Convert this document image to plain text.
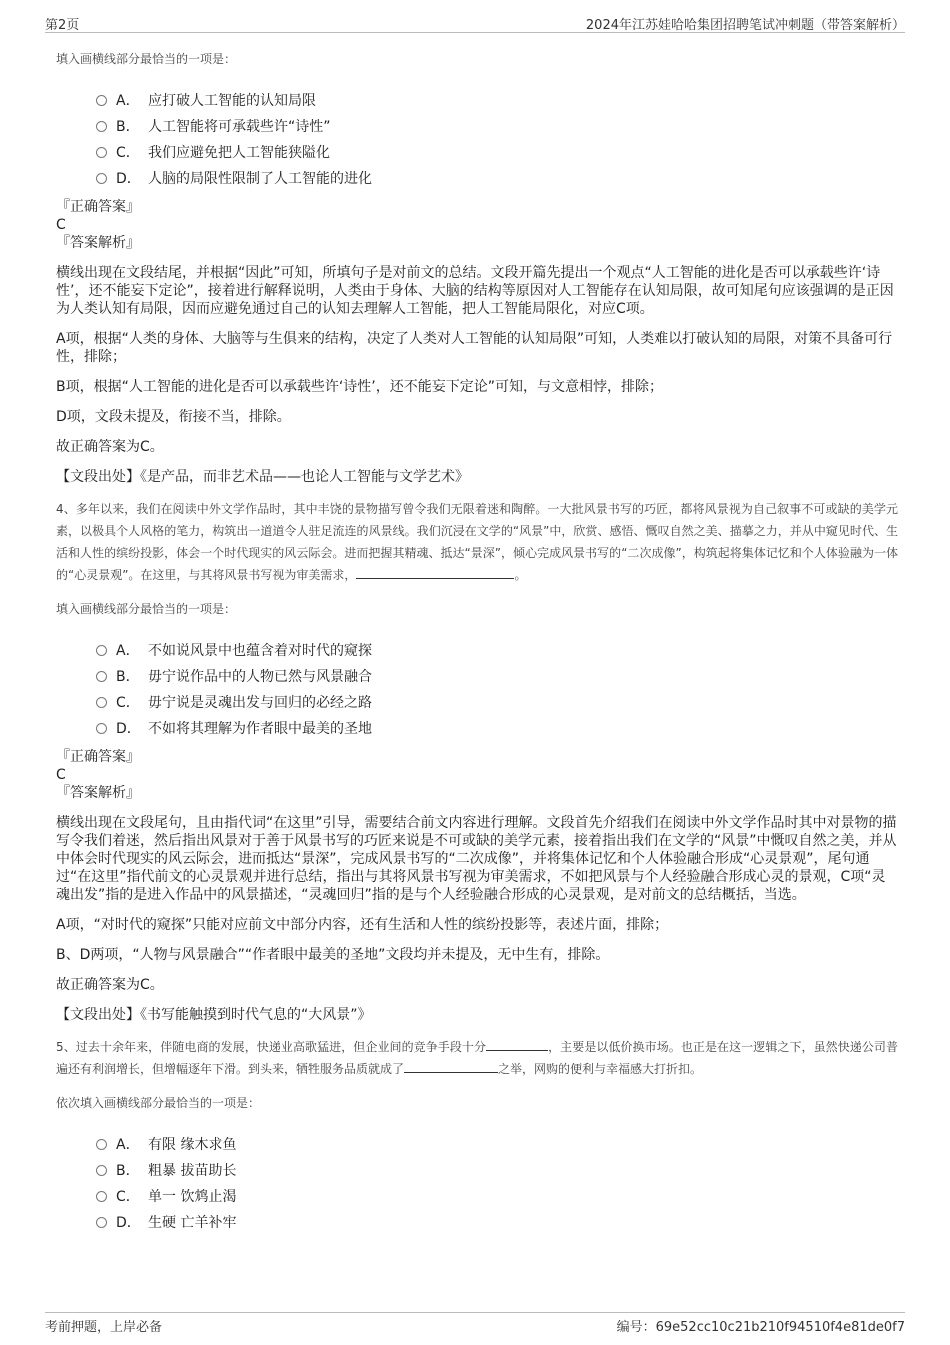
第2页	2024年江苏娃哈哈集团招聘笔试冲刺题（带答案解析）
填入画横线部分最恰当的一项是：
A． 应打破人工智能的认知局限
B． 人工智能将可承载些许“诗性”
C． 我们应避免把人工智能狭隘化
D． 人脑的局限性限制了人工智能的进化
『正确答案』
C
『答案解析』

横线出现在文段结尾，并根据“因此”可知，所填句子是对前文的总结。文段开篇先提出一个观点“人工智能的进化是否可以承载些许‘诗性’，还不能妄下定论”，接着进行解释说明，人类由于身体、大脑的结构等原因对人工智能存在认知局限，故可知尾句应该强调的是正因为人类认知有局限，因而应避免通过自己的认知去理解人工智能，把人工智能局限化，对应C项。

A项，根据“人类的身体、大脑等与生俱来的结构，决定了人类对人工智能的认知局限”可知，人类难以打破认知的局限，对策不具备可行性，排除；

B项，根据“人工智能的进化是否可以承载些许‘诗性’，还不能妄下定论”可知，与文意相悖，排除；

D项，文段未提及，衔接不当，排除。

故正确答案为C。

【文段出处】《是产品，而非艺术品——也论人工智能与文学艺术》

4、多年以来，我们在阅读中外文学作品时，其中丰饶的景物描写曾令我们无限着迷和陶醉。一大批风景书写的巧匠，都将风景视为自己叙事不可或缺的美学元素，以极具个人风格的笔力，构筑出一道道令人驻足流连的风景线。我们沉浸在文学的“风景”中，欣赏、感悟、慨叹自然之美、描摹之力，并从中窥见时代、生活和人性的缤纷投影，体会一个时代现实的风云际会。进而把握其精魂、抵达“景深”，倾心完成风景书写的“二次成像”，构筑起将集体记忆和个人体验融为一体的“心灵景观”。在这里，与其将风景书写视为审美需求，	。
填入画横线部分最恰当的一项是：
A． 不如说风景中也蕴含着对时代的窥探
B． 毋宁说作品中的人物已然与风景融合
C． 毋宁说是灵魂出发与回归的必经之路
D． 不如将其理解为作者眼中最美的圣地
『正确答案』
C
『答案解析』

横线出现在文段尾句，且由指代词“在这里”引导，需要结合前文内容进行理解。文段首先介绍我们在阅读中外文学作品时其中对景物的描写令我们着迷，然后指出风景对于善于风景书写的巧匠来说是不可或缺的美学元素，接着指出我们在文学的“风景”中慨叹自然之美，并从中体会时代现实的风云际会，进而抵达“景深”，完成风景书写的“二次成像”，并将集体记忆和个人体验融合形成“心灵景观”，尾句通过“在这里”指代前文的心灵景观并进行总结，指出与其将风景书写视为审美需求，不如把风景与个人经验融合形成心灵的景观，C项“灵魂出发”指的是进入作品中的风景描述，“灵魂回归”指的是与个人经验融合形成的心灵景观，是对前文的总结概括，当选。

A项，“对时代的窥探”只能对应前文中部分内容，还有生活和人性的缤纷投影等，表述片面，排除；

B、D两项，“人物与风景融合”“作者眼中最美的圣地”文段均并未提及，无中生有，排除。

故正确答案为C。

【文段出处】《书写能触摸到时代气息的“大风景”》

5、过去十余年来，伴随电商的发展，快递业高歌猛进，但企业间的竞争手段十分	，主要是以低价换市场。也正是在这一逻辑之下，虽然快递公司普遍还有利润增长，但增幅逐年下滑。到头来，牺牲服务品质就成了	之举，网购的便利与幸福感大打折扣。
依次填入画横线部分最恰当的一项是：
A． 有限 缘木求鱼
B． 粗暴 拔苗助长
C． 单一 饮鸩止渴
D． 生硬 亡羊补牢
考前押题，上岸必备	编号：69e52cc10c21b210f94510f4e81de0f7
